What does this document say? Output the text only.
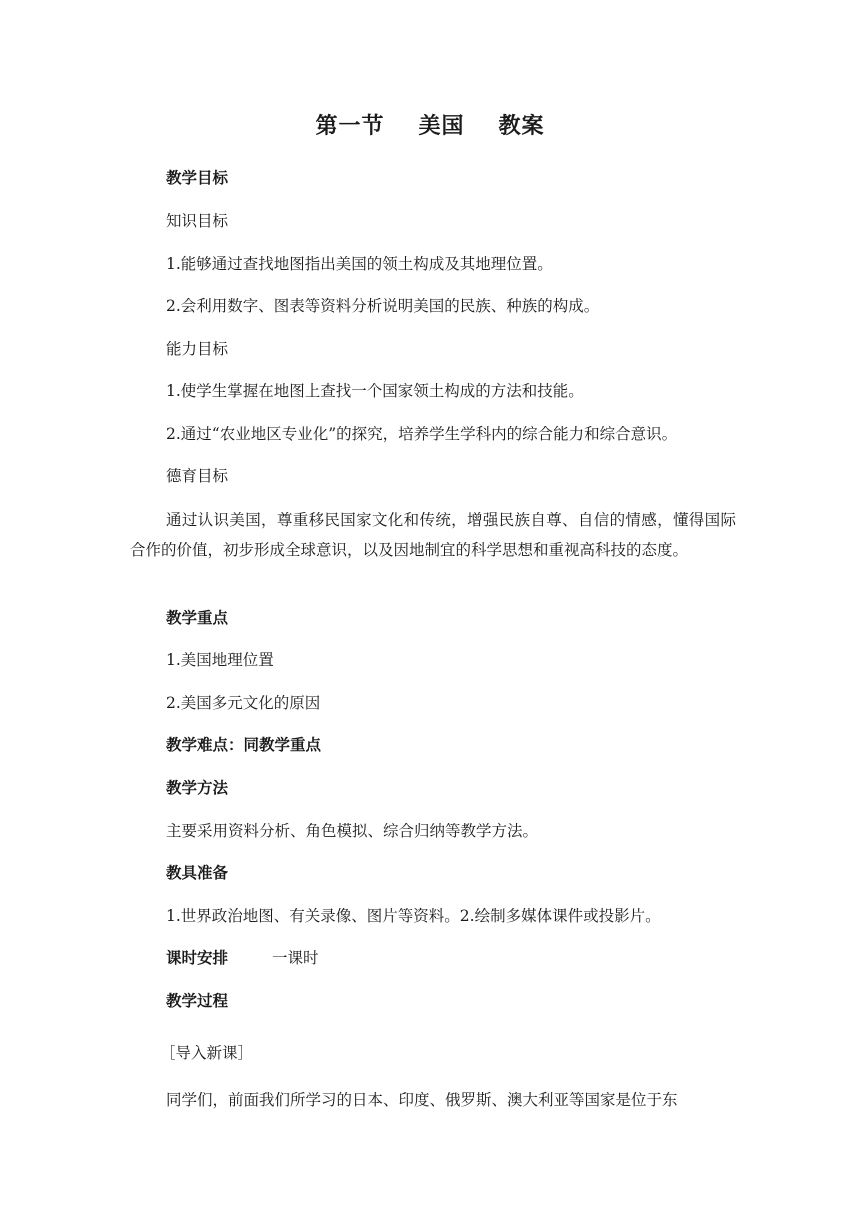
第一节 美国 教案

教学目标

知识目标

1.能够通过查找地图指出美国的领土构成及其地理位置。

2.会利用数字、图表等资料分析说明美国的民族、种族的构成。

能力目标

1.使学生掌握在地图上查找一个国家领土构成的方法和技能。

2.通过“农业地区专业化”的探究，培养学生学科内的综合能力和综合意识。

德育目标

通过认识美国，尊重移民国家文化和传统，增强民族自尊、自信的情感，懂得国际合作的价值，初步形成全球意识，以及因地制宜的科学思想和重视高科技的态度。

教学重点

1.美国地理位置

2.美国多元文化的原因

教学难点：同教学重点

教学方法

主要采用资料分析、角色模拟、综合归纳等教学方法。

教具准备

1.世界政治地图、有关录像、图片等资料。2.绘制多媒体课件或投影片。

课时安排	一课时

教学过程

［导入新课］

同学们，前面我们所学习的日本、印度、俄罗斯、澳大利亚等国家是位于东
